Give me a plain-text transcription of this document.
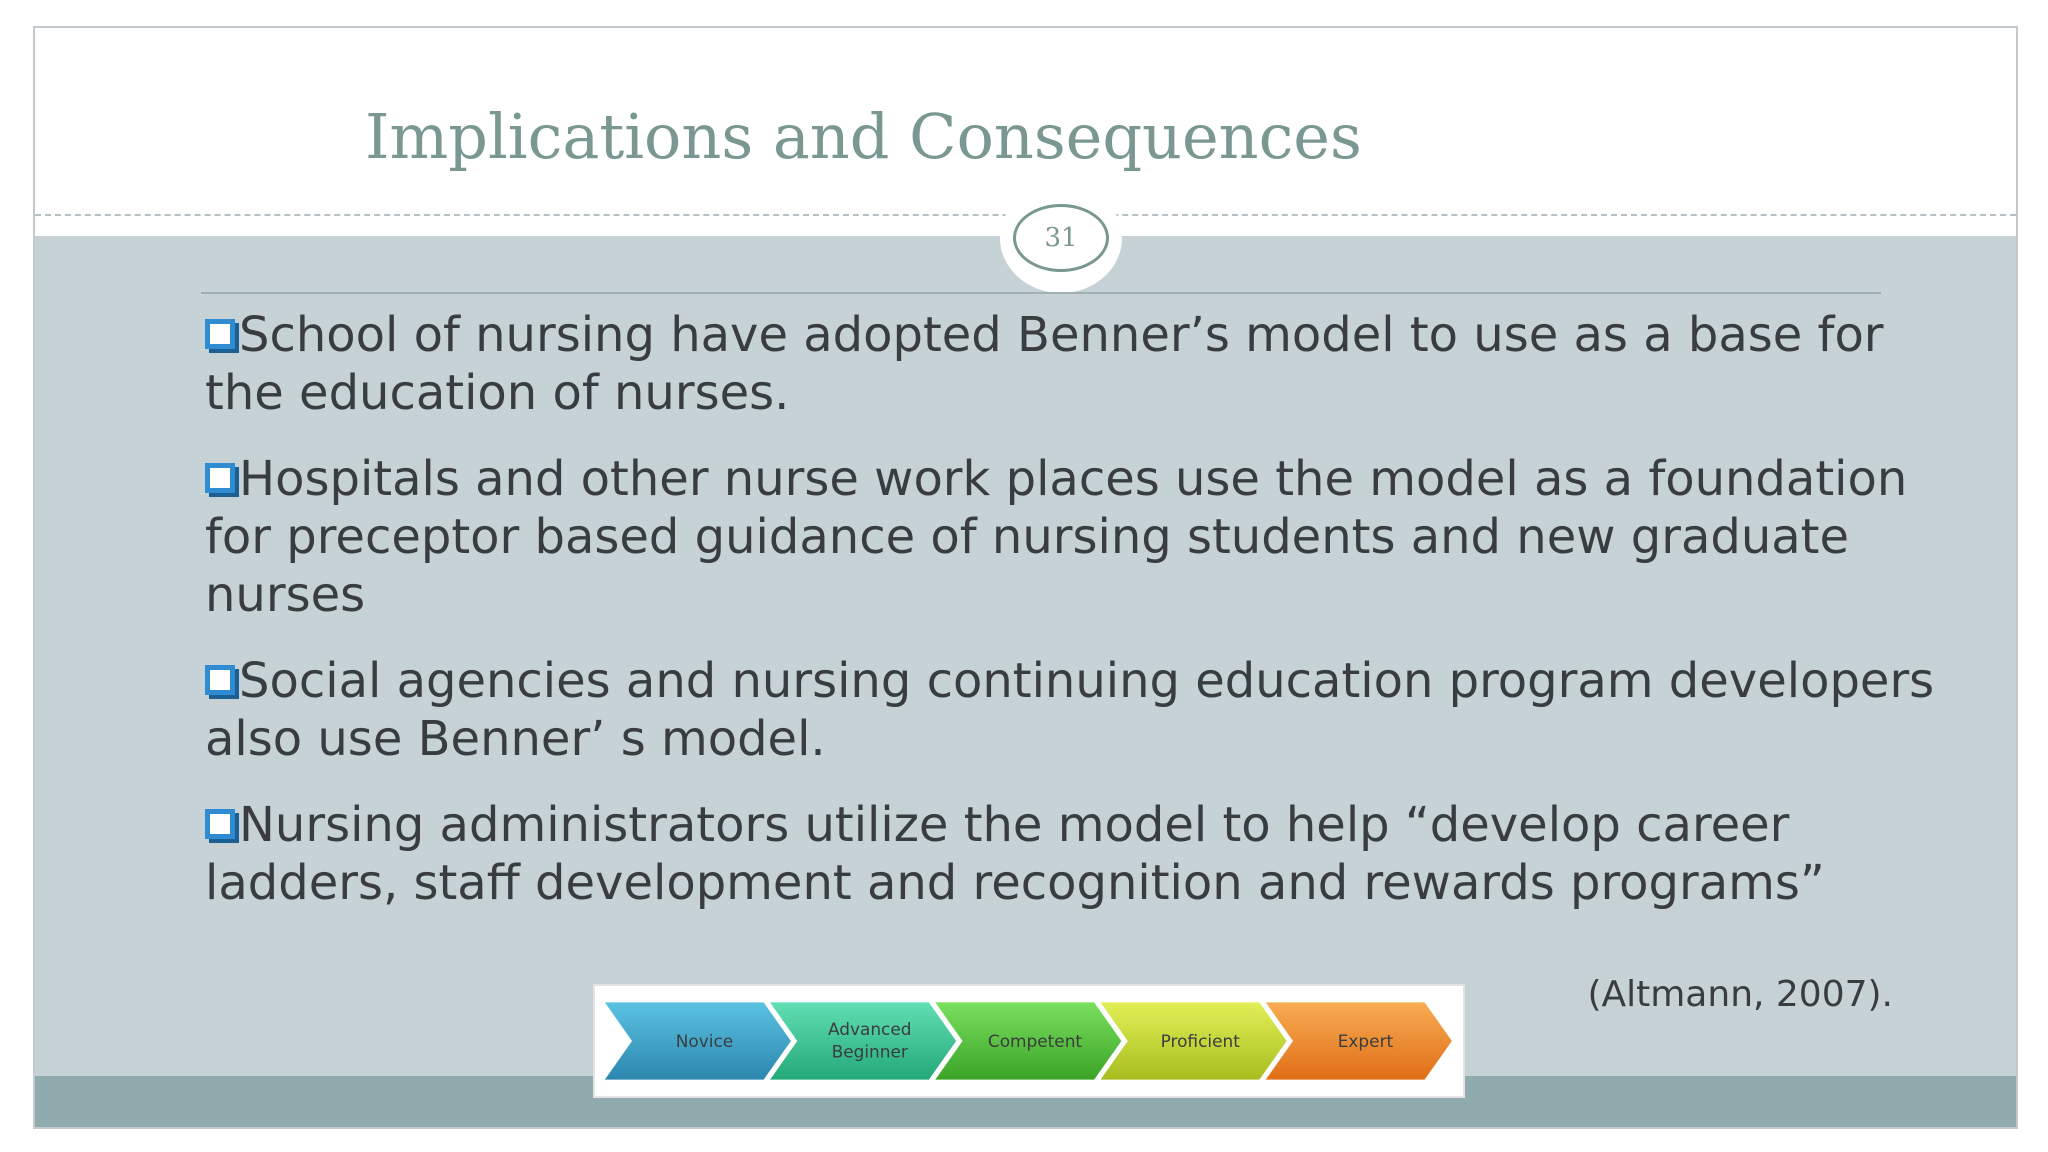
Implications and Consequences
31
School of nursing have adopted Benner’s model to use as a base for the education of nurses.
Hospitals and other nurse work places use the model as a foundation for preceptor based guidance of nursing students and new graduate nurses
Social agencies and nursing continuing education program developers also use Benner’ s model.
Nursing administrators utilize the model to help “develop career ladders, staff development and recognition and rewards programs”
Novice
Advanced
Beginner
Competent	Proficient	Expert
(Altmann, 2007).
